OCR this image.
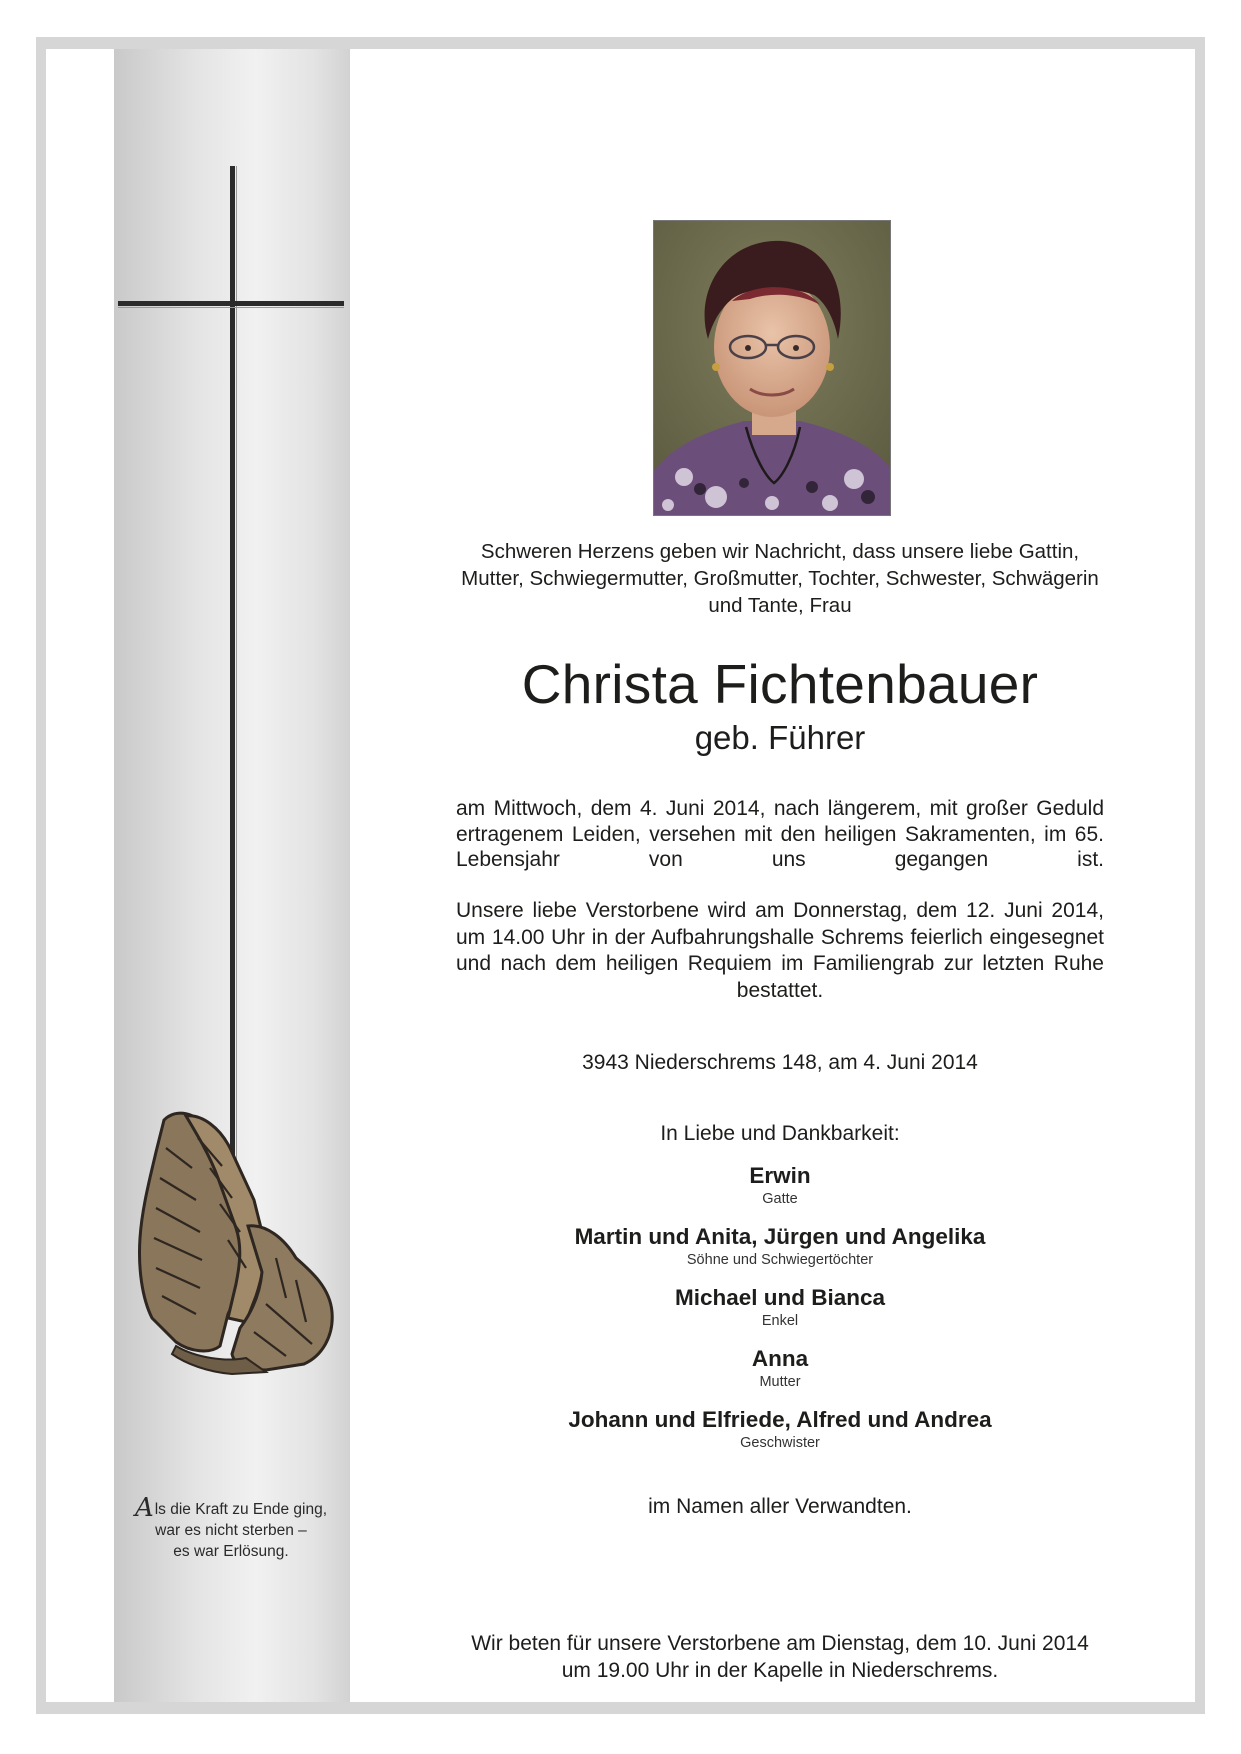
Als die Kraft zu Ende ging,
war es nicht sterben –
es war Erlösung.
Schweren Herzens geben wir Nachricht, dass unsere liebe Gattin, Mutter, Schwiegermutter, Großmutter, Tochter, Schwester, Schwägerin und Tante, Frau
Christa Fichtenbauer
geb. Führer
am Mittwoch, dem 4. Juni 2014, nach längerem, mit großer Geduld ertragenem Leiden, versehen mit den heiligen Sakramenten, im 65. Lebensjahr von uns gegangen ist.
Unsere liebe Verstorbene wird am Donnerstag, dem 12. Juni 2014, um 14.00 Uhr in der Aufbahrungshalle Schrems feierlich eingesegnet und nach dem heiligen Requiem im Familiengrab zur letzten Ruhe bestattet.
3943 Niederschrems 148, am 4. Juni 2014
In Liebe und Dankbarkeit:
Erwin
Gatte
Martin und Anita, Jürgen und Angelika
Söhne und Schwiegertöchter
Michael und Bianca
Enkel
Anna
Mutter
Johann und Elfriede, Alfred und Andrea
Geschwister
im Namen aller Verwandten.
Wir beten für unsere Verstorbene am Dienstag, dem 10. Juni 2014
um 19.00 Uhr in der Kapelle in Niederschrems.
